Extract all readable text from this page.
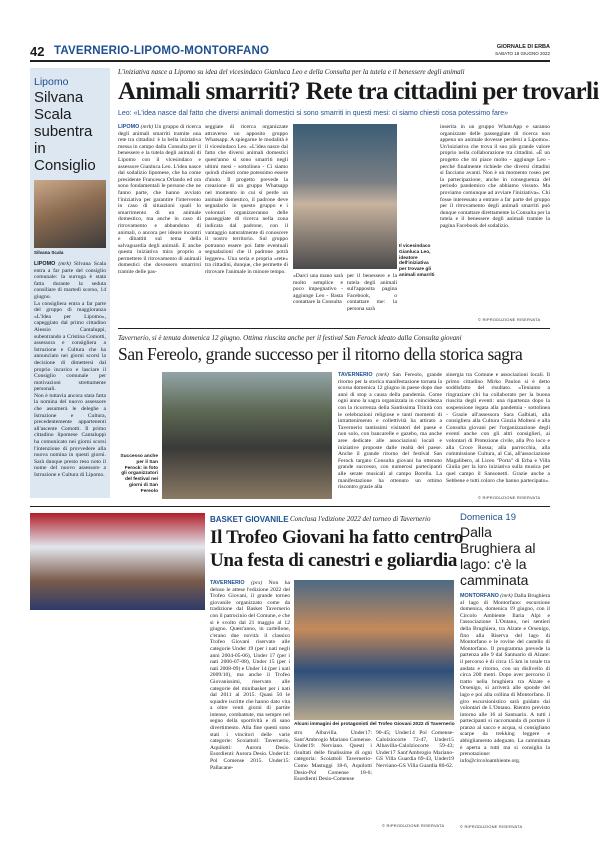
42 TAVERNERIO-LIPOMO-MONTORFANO	GIORNALE DI ERBA
SABATO 18 GIUGNO 2022
Lipomo
Silvana Scala subentra in Consiglio
Silvana Scala
LIPOMO (mrk) Silvana Scala entra a far parte del consiglio comunale: la surroga è stata fatta durante la seduta consiliare di martedì scorso, 14 giugno.
La consigliera entra a far parte del gruppo di maggioranza «L'Idea per Lipomo», capeggiato dal primo cittadino Alessio Cantaluppi, subentrando a Cristina Comotti, assessora e consigliera a Istruzione e Cultura che ha annunciato nei giorni scorsi la decisione di dimettersi dal proprio incarico e lasciare il Consiglio comunale per motivazioni strettamente personali.
Non è tuttavia ancora stata fatta la nomina del nuovo assessore che assumerà le deleghe a Istruzione e Cultura, precedentemente appartenenti all'ascente Comotti. Il primo cittadino lipomese Cantaluppi ha comunicato nei giorni scorsi l'intenzione di provvedere alla nuova nomina in questi giorni. Sarà dunque presto reso noto il nome del nuovo assessore a Istruzione e Cultura di Lipomo.
L'iniziativa nasce a Lipomo su idea del vicesindaco Gianluca Leo e della Consulta per la tutela e il benessere degli animali
Animali smarriti? Rete tra cittadini per trovarli
Leo: «L'idea nasce dal fatto che diversi animali domestici si sono smarriti in questi mesi: ci siamo chiesti cosa potessimo fare»
LIPOMO (mrk) Un gruppo di ricerca degli animali smarriti tramite una rete tra cittadini: è la bella iniziativa messa in campo dalla Consulta per il benessere e la tutela degli animali di Lipomo con il vicesindaco e assessore Gianluca Leo. L'idea nasce dal sodalizio lipomese, che ha come presidente Francesca Orlando ed ora sono fondamentali le persone che ne fanno parte, che hanno avviato l'iniziativa per garantire l'intervento in caso di situazioni quali lo smarrimento di un animale domestico, ma anche in caso di ritrovamento e abbandono di animali, o ancora per ideare incontri e dibattiti sul tema della salvaguardia degli animali. E anche questa iniziativa mira proprio a permettere il ritrovamento di animali domestici che dovessero smarrirsi tramite delle pas-
seggiate di ricerca organizzate attraverso un apposito gruppo Whatsapp. A spiegarne le modalità è il vicesindaco Leo. «L'idea nasce dal fatto che diversi animali domestici quest'anno si sono smarriti negli ultimi mesi - sottolinea - Ci siamo quindi chiesti come potessimo essere d'aiuto. Il progetto prevede la creazione di un gruppo Whatsapp nel momento in cui si perde un animale domestico, il padrone deve segnalarlo in questo gruppo e i volontari organizzeranno delle passeggiate di ricerca nella zona indicata dal padrone, con il vantaggio naturalmente di conoscere il nostro territorio. Sul gruppo potranno essere poi fatte eventuali segnalazioni che il padrone potrà leggere». Una seria e propria «rete» tra cittadini, dunque, che permette di ritrovare l'animale in minore tempo.
Il vicesindaco Gianluca Leo, ideatore dell'iniziativa per trovare gli animali smarriti
«Darci una mano sarà molto semplice e poco impegnativo - aggiunge Leo - Basta contattare la Consulta
per il benessere e la tutela degli animali sull'apposita pagina Facebook, o contattare me: la persona sarà
inserita in un gruppo WhatsApp e saranno organizzate delle passeggiate di ricerca non appena un animale dovesse perdersi a Lipomo». Un'iniziativa che trova il suo più grande valore proprio nella collaborazione tra cittadini. «È un progetto che mi piace molto - aggiunge Leo - perché finalmente richiede che diversi cittadini si facciano avanti. Non è un momento roseo per la partecipazione, anche in conseguenza del periodo pandemico che abbiamo vissuto. Ma proviamo comunque ad avviare l'iniziativa». Chi fosse interessato a entrare a far parte del gruppo per il ritrovamento degli animali smarriti può dunque contattare direttamente la Consulta per la tutela e il benessere degli animali tramite la pagina Facebook del sodalizio.
© RIPRODUZIONE RISERVATA
Tavernerio, si è tenuta domenica 12 giugno. Ottima riuscita anche per il festival San Ferock ideato dalla Consulta giovani
San Fereolo, grande successo per il ritorno della storica sagra
Successo anche per il San Ferock: in foto gli organizzatori del festival nei giorni di San Fereolo
TAVERNERIO (mrk) San Fereolo, grande ritorno per la storica manifestazione tornata la scorsa domenica 12 giugno in paese dopo due anni di stop a causa della pandemia. Come ogni anno la sagra organizzata in coincidenza con la ricorrenza della Santissima Trinità con le celebrazioni religiose e tanti momenti di intrattenimento e collettività ha attirato a Tavernerio tantissimi visitatori del paese e non solo, con bancarelle e gazebo, ma anche aree dedicate alle associazioni locali e iniziative proposte dalle realtà del paese. Anche il grande ritorno del festival San Ferock targato Consulta giovani ha ottenuto grande successo, con numerosi partecipanti alle serate musicali al campo Borella. La manifestazione ha ottenuto un ottimo riscontro grazie alla
sinergia tra Comune e associazioni locali. Il primo cittadino Mirko Paulon si è detto soddisfatto del risultato. «Teniamo a ringraziare chi ha collaborato per la buona riuscita degli eventi: una ripartenza dopo la sospensione legata alla pandemia - sottolinea - Grazie all'assessora Sara Galbiati, alla consigliera alla Cultura Ginzia Molteni e alla Consulta giovani per l'organizzazione degli eventi anche con gli altri consiglieri, ai volontari di Protezione civile, alla Pro loco e alla Croce Rossa; alla parrocchia, alla commissione Cultura, al Cai, all'associazione Magalibero, al Liceo "Porta" di Erba e Villa Giulia per la loro iniziativa sulla musica per quel campo il Sansonetti. Grazie anche a Sebbene e tutti coloro che hanno partecipato».
© RIPRODUZIONE RISERVATA
BASKET GIOVANILE Conclusa l'edizione 2022 del torneo di Tavernerio
Il Trofeo Giovani ha fatto centro
Una festa di canestri e goliardia
TAVERNERIO (pcs) Non ha deluso le attese l'edizione 2022 del Trofeo Giovani, il grande torneo giovanile organizzato come da tradizione dal Basket Tavernerio con il patrocinio del Comune, e che si è svolto dal 21 maggio al 12 giugno. Quest'anno, in cartellone, c'erano due novità: il classico Trofeo Giovani riservato alle categorie Under 19 (per i nati negli anni 2004-05-06), Under 17 (per i nati 2006-07-08), Under 15 (per i nati 2008-09) e Under 14 (per i nati 2009/10), ma anche il Trofeo Giovanissimi, riservato alle categorie del minibasket per i nati dal 2011 al 2015. Quasi 50 le squadre iscritte che hanno dato vita a oltre venti giorni di partite intense, combattute, ma sempre nel segno della sportività e di sano divertimento. Alla fine questi sono stati i vincitori delle varie categorie: Scoiattoli: Tavernerio, Aquilotti: Aurora Desio. Esordienti: Aurora Desio. Under14: Pol Comense 2015. Under15: Pallacane-
Alcuni immagini dei protagonisti del Trofeo Giovani 2022 di Tavernerio
stro Albavilla. Under17: Sant'Ambrogio Mariano Comense. Under19: Nerviano. Questi i risultati delle finalissime di ogni categoria: Scoiattoli Tavernerio-Como Mastuggi 18-6, Aquilotti Desio-Pol Comense 18-6; Esordienti Desio-Comense
90-45; Under14 Pol Comense-Calolziocorte 72-47, Under15 Albavilla-Calolziocorte 59-43; Under17 Sant'Ambrogio Mariano-GS Villa Guardia 69-43, Under19 Nerviano-GS Villa Guardia 80-62.
© RIPRODUZIONE RISERVATA
Domenica 19
Dalla Brughiera al lago: c'è la camminata
MONTORFANO (mrk) Dalla Brughiera al lago di Montorfano: escursione domenica, domenica 19 giugno, con il Circolo Ambiente Ilaria Alpi e l'associazione L'Ontano, nei sentieri della Brughiera, tra Alzate e Orsenigo, fino alla Riserva del lago di Montorfano e le rovine del castello di Montorfano. Il programma prevede la partenza alle 9 dal Santuario di Alzate: il percorso è di circa 15 km in totale tra andata e ritorno, con un dislivello di circa 200 metri. Dopo aver percorso il tratto nella brughiera tra Alzate e Orsenigo, si arriverà alle sponde del lago e poi alla collina di Montorfano. Il giro escursionistico sarà guidato dai volontari de L'Ontano. Rientro previsto intorno alle 16 al Santuario. A tutti i partecipanti si raccomanda di portare il pranzo al sacco e acqua, si consigliano scarpe da trekking leggere e abbigliamento adeguato. La camminata è aperta a tutti ma si consiglia la prenotazione: info@circoloambiente.org.
© RIPRODUZIONE RISERVATA
